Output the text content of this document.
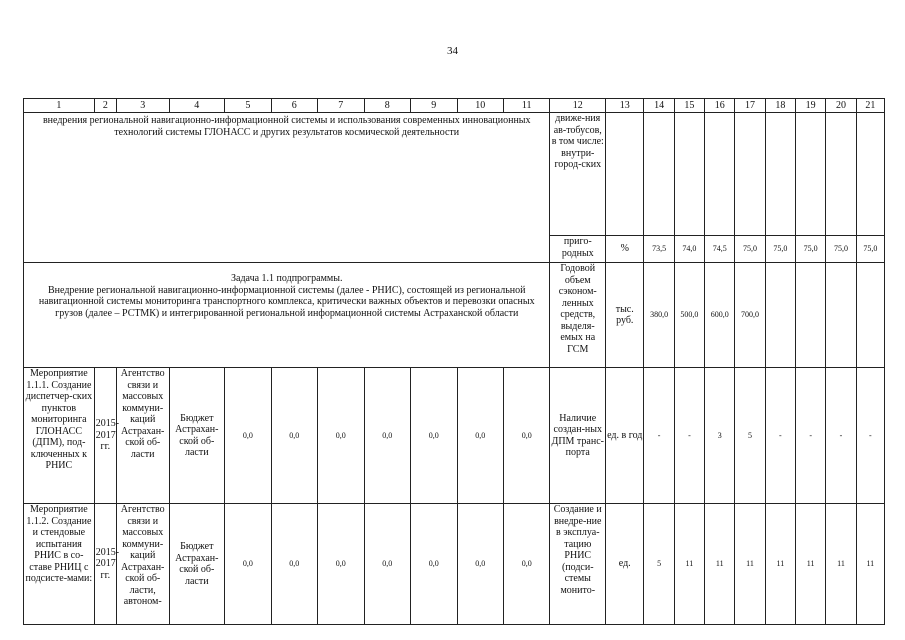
34
1	2	3	4	5	6	7	8	9	10	11	12	13	14	15	16	17	18	19	20	21

внедрения региональной навигационно-информационной системы и использования современных инновационных технологий системы ГЛОНАСС и других результатов космической деятельности											движе-ния ав-тобусов, в том числе: внутри-город-ских									
											приго-родных	%	73,5	74,0	74,5	75,0	75,0	75,0	75,0	75,0

Задача 1.1 подпрограммы.
Внедрение региональной навигационно-информационной системы (далее - РНИС), состоящей из региональной навигационной системы мониторинга транспортного комплекса, критически важных объектов и перевозки опасных грузов (далее – РСТМК) и интегрированной региональной информационной системы Астраханской области											Годовой объем сэконом-ленных средств, выделя-емых на ГСМ	тыс. руб.	380,0	500,0	600,0	700,0				
Мероприятие 1.1.1. Создание диспетчер-ских пунктов мониторинга ГЛОНАСС (ДПМ), под-ключенных к РНИС	2015-2017 гг.	Агентство связи и массовых коммуни-каций Астрахан-ской об-ласти	Бюджет Астрахан-ской об-ласти	0,0	0,0	0,0	0,0	0,0	0,0	0,0	Наличие создан-ных ДПМ транс-порта	ед. в год	-	-	3	5	-	-	-	-
Мероприятие 1.1.2. Создание и стендовые испытания РНИС в со-ставе РНИЦ с подсисте-мами:	2015-2017 гг.	Агентство связи и массовых коммуни-каций Астрахан-ской об-ласти, автоном-	Бюджет Астрахан-ской об-ласти	0,0	0,0	0,0	0,0	0,0	0,0	0,0	Создание и внедре-ние в эксплуа-тацию РНИС (подси-стемы монито-	ед.	5	11	11	11	11	11	11	11
